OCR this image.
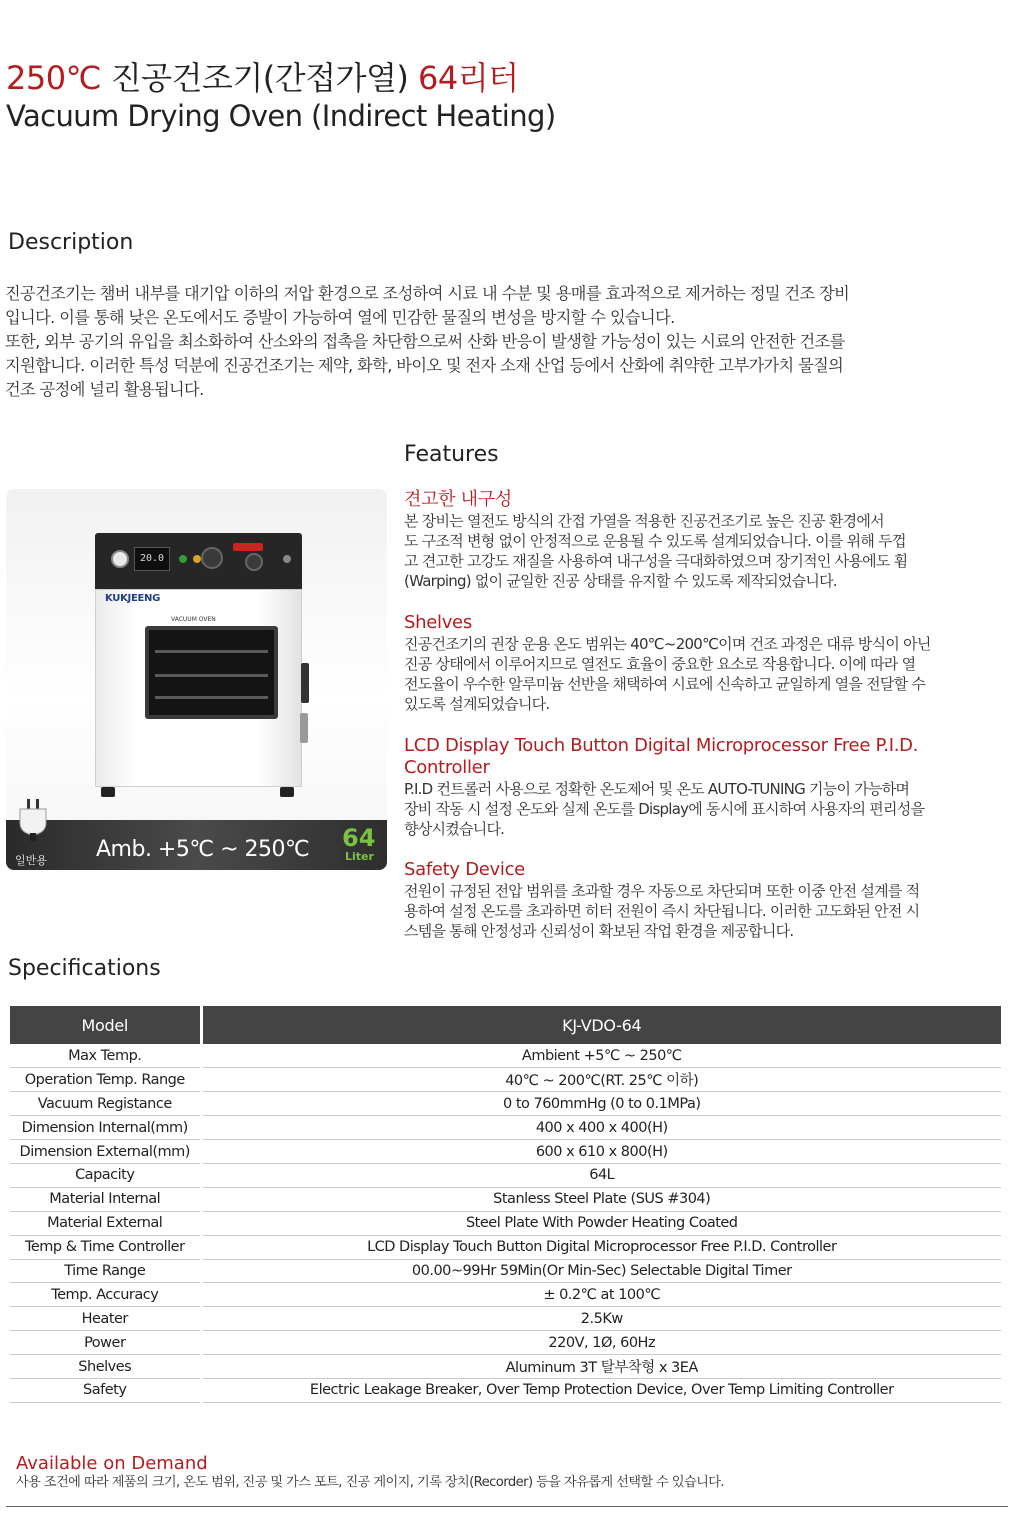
250℃ 진공건조기(간접가열) 64리터
Vacuum Drying Oven (Indirect Heating)
Description

진공건조기는 챔버 내부를 대기압 이하의 저압 환경으로 조성하여 시료 내 수분 및 용매를 효과적으로 제거하는 정밀 건조 장비

입니다. 이를 통해 낮은 온도에서도 증발이 가능하여 열에 민감한 물질의 변성을 방지할 수 있습니다.

또한, 외부 공기의 유입을 최소화하여 산소와의 접촉을 차단함으로써 산화 반응이 발생할 가능성이 있는 시료의 안전한 건조를

지원합니다. 이러한 특성 덕분에 진공건조기는 제약, 화학, 바이오 및 전자 소재 산업 등에서 산화에 취약한 고부가가치 물질의

건조 공정에 널리 활용됩니다.

20.0
KUKJEENG
VACUUM OVEN
일반용 Amb. +5℃ ~ 250℃ 64
Liter
Features
견고한 내구성

본 장비는 열전도 방식의 간접 가열을 적용한 진공건조기로 높은 진공 환경에서

도 구조적 변형 없이 안정적으로 운용될 수 있도록 설계되었습니다. 이를 위해 두껍

고 견고한 고강도 재질을 사용하여 내구성을 극대화하였으며 장기적인 사용에도 휨

(Warping) 없이 균일한 진공 상태를 유지할 수 있도록 제작되었습니다.

Shelves

진공건조기의 권장 운용 온도 범위는 40℃~200℃이며 건조 과정은 대류 방식이 아닌

진공 상태에서 이루어지므로 열전도 효율이 중요한 요소로 작용합니다. 이에 따라 열

전도율이 우수한 알루미늄 선반을 채택하여 시료에 신속하고 균일하게 열을 전달할 수

있도록 설계되었습니다.

LCD Display Touch Button Digital Microprocessor Free P.I.D.
Controller

P.I.D 컨트롤러 사용으로 정확한 온도제어 및 온도 AUTO-TUNING 기능이 가능하며

장비 작동 시 설정 온도와 실제 온도를 Display에 동시에 표시하여 사용자의 편리성을

향상시켰습니다.

Safety Device

전원이 규정된 전압 범위를 초과할 경우 자동으로 차단되며 또한 이중 안전 설계를 적

용하여 설정 온도를 초과하면 히터 전원이 즉시 차단됩니다. 이러한 고도화된 안전 시

스템을 통해 안정성과 신뢰성이 확보된 작업 환경을 제공합니다.

Specifications
Model	KJ-VDO-64
Max Temp.	Ambient +5℃ ~ 250℃
Operation Temp. Range	40℃ ~ 200℃(RT. 25℃ 이하)
Vacuum Registance	0 to 760mmHg (0 to 0.1MPa)
Dimension Internal(mm)	400 x 400 x 400(H)
Dimension External(mm)	600 x 610 x 800(H)
Capacity	64L
Material Internal	Stanless Steel Plate (SUS #304)
Material External	Steel Plate With Powder Heating Coated
Temp & Time Controller	LCD Display Touch Button Digital Microprocessor Free P.I.D. Controller
Time Range	00.00~99Hr 59Min(Or Min-Sec) Selectable Digital Timer
Temp. Accuracy	± 0.2℃ at 100℃
Heater	2.5Kw
Power	220V, 1Ø, 60Hz
Shelves	Aluminum 3T 탈부착형 x 3EA
Safety	Electric Leakage Breaker, Over Temp Protection Device, Over Temp Limiting Controller
Available on Demand
사용 조건에 따라 제품의 크기, 온도 범위, 진공 및 가스 포트, 진공 게이지, 기록 장치(Recorder) 등을 자유롭게 선택할 수 있습니다.
